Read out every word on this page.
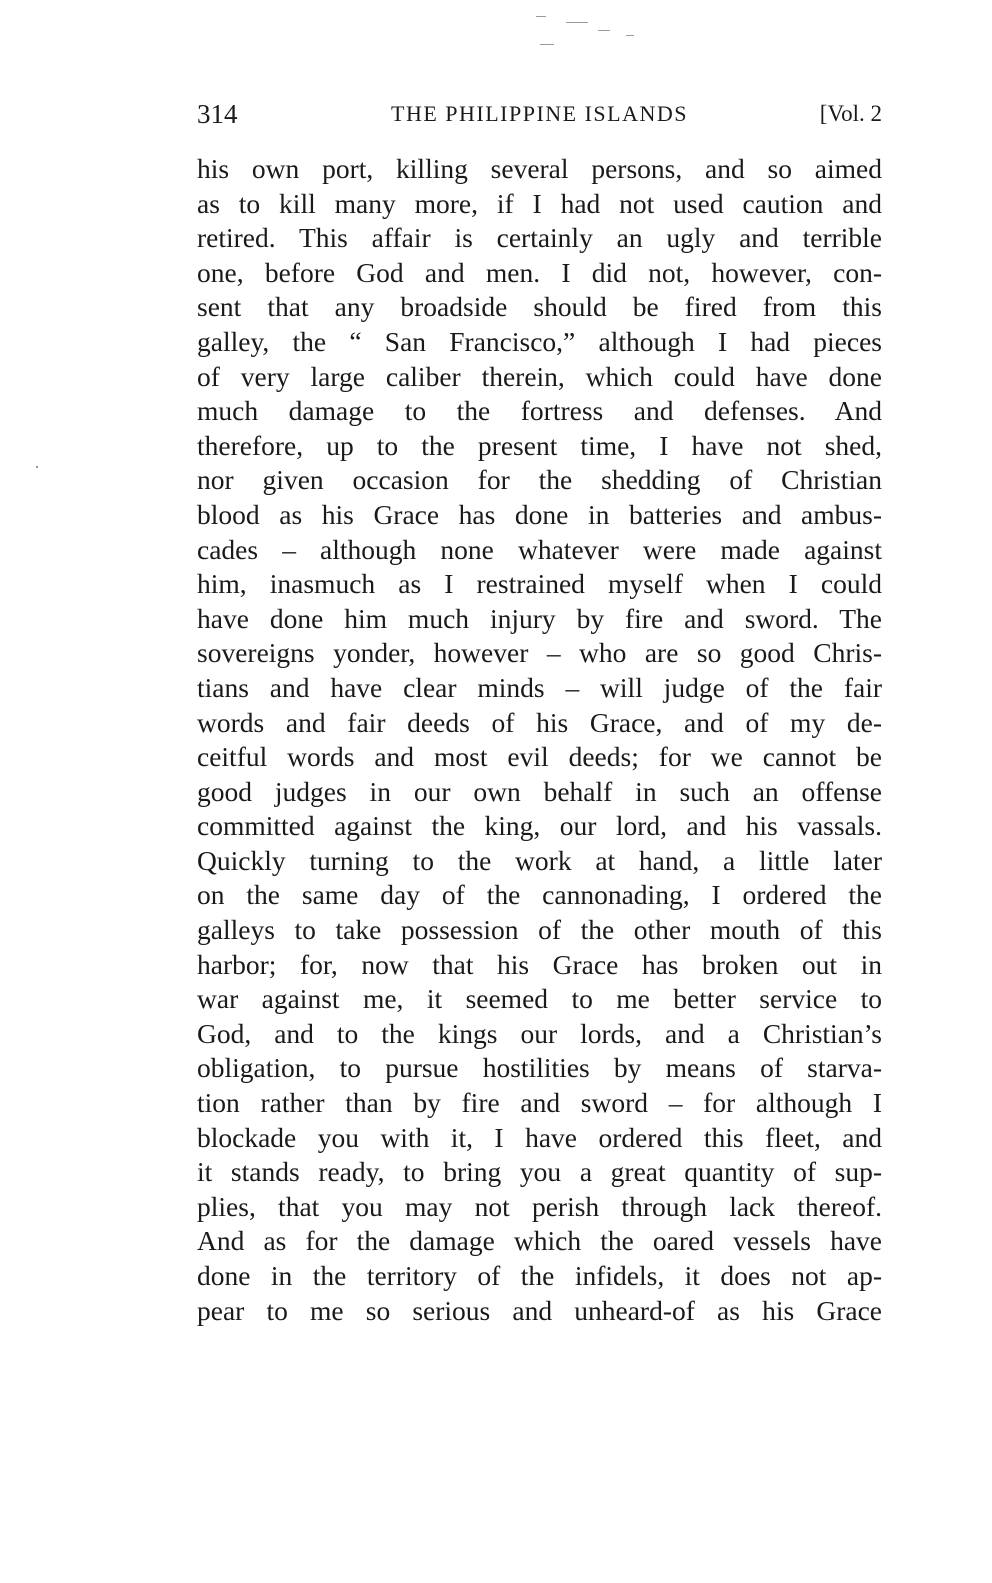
314	THE PHILIPPINE ISLANDS	[Vol. 2
his own port, killing several persons, and so aimed
as to kill many more, if I had not used caution and
retired. This affair is certainly an ugly and terrible
one, before God and men. I did not, however, con-
sent that any broadside should be fired from this
galley, the “ San Francisco,” although I had pieces
of very large caliber therein, which could have done
much damage to the fortress and defenses. And
therefore, up to the present time, I have not shed,
nor given occasion for the shedding of Christian
blood as his Grace has done in batteries and ambus-
cades – although none whatever were made against
him, inasmuch as I restrained myself when I could
have done him much injury by fire and sword. The
sovereigns yonder, however – who are so good Chris-
tians and have clear minds – will judge of the fair
words and fair deeds of his Grace, and of my de-
ceitful words and most evil deeds; for we cannot be
good judges in our own behalf in such an offense
committed against the king, our lord, and his vassals.
Quickly turning to the work at hand, a little later
on the same day of the cannonading, I ordered the
galleys to take possession of the other mouth of this
harbor; for, now that his Grace has broken out in
war against me, it seemed to me better service to
God, and to the kings our lords, and a Christian’s
obligation, to pursue hostilities by means of starva-
tion rather than by fire and sword – for although I
blockade you with it, I have ordered this fleet, and
it stands ready, to bring you a great quantity of sup-
plies, that you may not perish through lack thereof.
And as for the damage which the oared vessels have
done in the territory of the infidels, it does not ap-
pear to me so serious and unheard-of as his Grace
